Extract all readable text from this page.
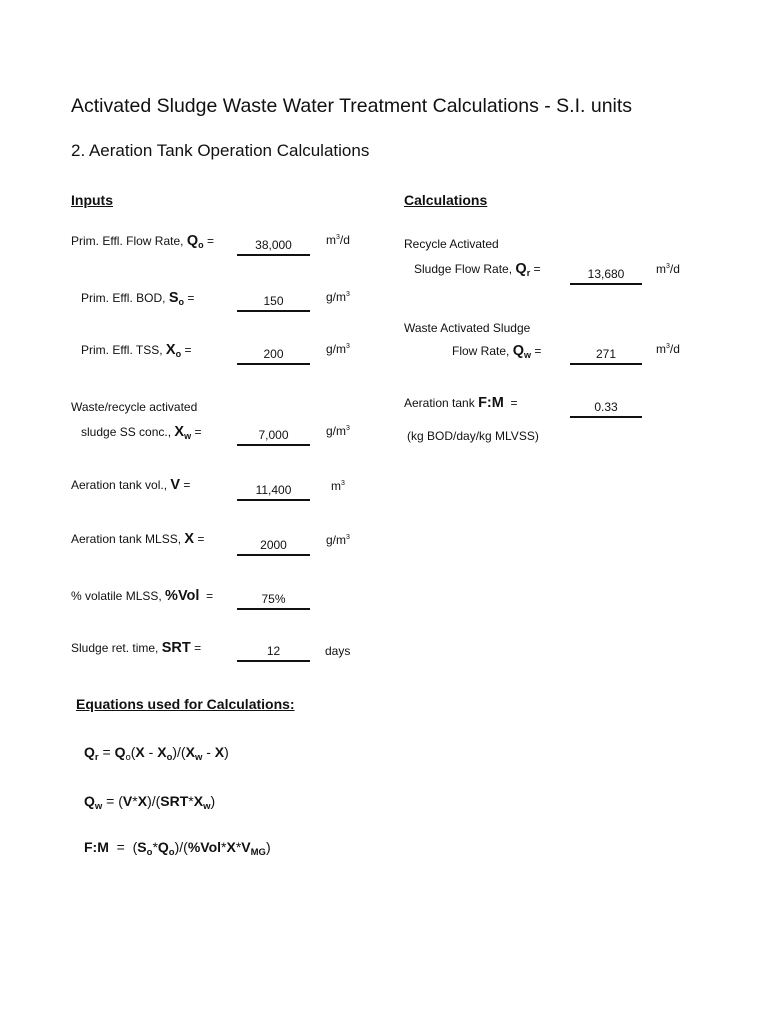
Activated Sludge Waste Water Treatment Calculations - S.I. units
2. Aeration Tank Operation Calculations
Inputs	Calculations
Prim. Effl. Flow Rate, $Q_o$ =	38,000	$m^3/d$
Prim. Effl. BOD, $S_o$ =	150	$g/m^3$
Prim. Effl. TSS, $X_o$ =	200	$g/m^3$
Waste/recycle activated
sludge SS conc., $X_w$ =	7,000	$g/m^3$
Aeration tank vol., V =	11,400	$m^3$
Aeration tank MLSS, X =	2000	$g/m^3$
% volatile MLSS, %Vol =	75%
Sludge ret. time, SRT =	12	days
Recycle Activated
Sludge Flow Rate, $Q_r$ =	13,680	$m^3/d$
Waste Activated Sludge
Flow Rate, $Q_w$ =	271	$m^3/d$
Aeration tank F:M =	0.33
(kg BOD/day/kg MLVSS)
Equations used for Calculations:
$Q_r = Q_o(X - X_o)/(X_w - X)$
$Q_w = (V*X)/(SRT*X_w)$
F:M  =  $(S_o*Q_o)/(\%Vol*X*V_{MG})$
